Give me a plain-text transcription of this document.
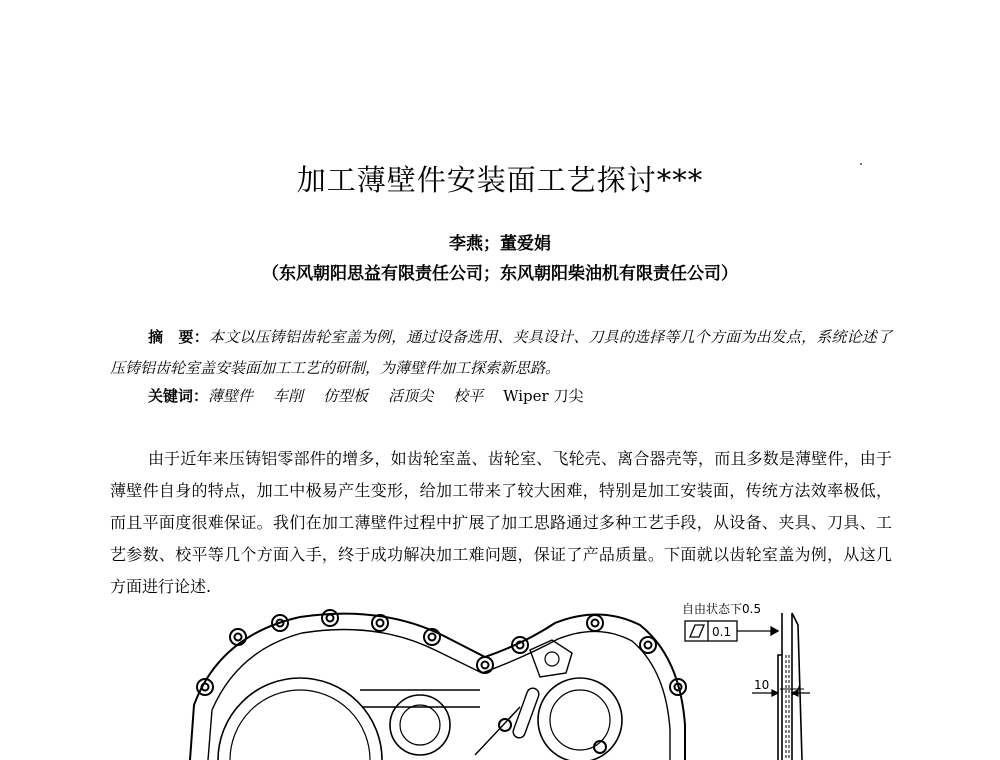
加工薄壁件安装面工艺探讨***
李燕；董爱娟
（东风朝阳思益有限责任公司；东风朝阳柴油机有限责任公司）
摘　要：本文以压铸铝齿轮室盖为例，通过设备选用、夹具设计、刀具的选择等几个方面为出发点，系统论述了压铸铝齿轮室盖安装面加工工艺的研制，为薄壁件加工探索新思路。
关键词：薄壁件 车削 仿型板 活顶尖 校平 Wiper 刀尖
由于近年来压铸铝零部件的增多，如齿轮室盖、齿轮室、飞轮壳、离合器壳等，而且多数是薄壁件，由于薄壁件自身的特点，加工中极易产生变形，给加工带来了较大困难，特别是加工安装面，传统方法效率极低，而且平面度很难保证。我们在加工薄壁件过程中扩展了加工思路通过多种工艺手段，从设备、夹具、刀具、工艺参数、校平等几个方面入手，终于成功解决加工难问题，保证了产品质量。下面就以齿轮室盖为例，从这几方面进行论述.
自由状态下0.5
0.1
10
